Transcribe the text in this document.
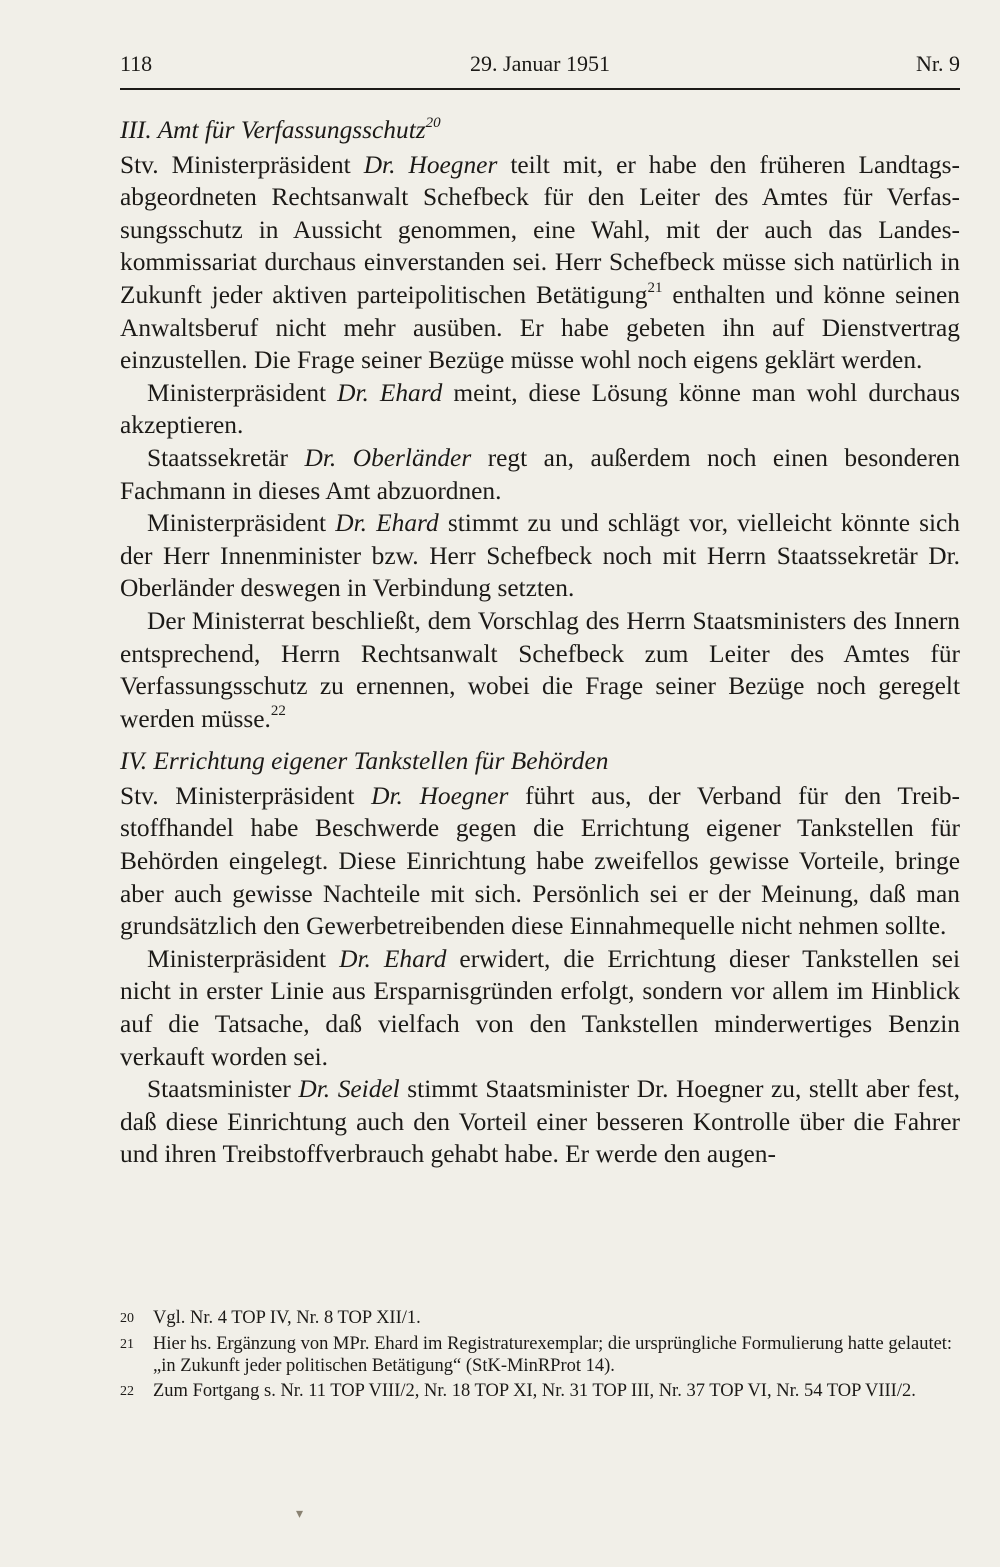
118	29. Januar 1951	Nr. 9
III. Amt für Verfassungsschutz$^{20}$

Stv. Ministerpräsident Dr. Hoegner teilt mit, er habe den früheren Landtagsabgeordneten Rechtsanwalt Schefbeck für den Leiter des Amtes für Verfassungsschutz in Aussicht genommen, eine Wahl, mit der auch das Landeskommissariat durchaus einverstanden sei. Herr Schefbeck müsse sich natürlich in Zukunft jeder aktiven parteipolitischen Betätigung$^{21}$ enthalten und könne seinen Anwaltsberuf nicht mehr ausüben. Er habe gebeten ihn auf Dienstvertrag einzustellen. Die Frage seiner Bezüge müsse wohl noch eigens geklärt werden.

Ministerpräsident Dr. Ehard meint, diese Lösung könne man wohl durchaus akzeptieren.

Staatssekretär Dr. Oberländer regt an, außerdem noch einen besonderen Fachmann in dieses Amt abzuordnen.

Ministerpräsident Dr. Ehard stimmt zu und schlägt vor, vielleicht könnte sich der Herr Innenminister bzw. Herr Schefbeck noch mit Herrn Staatssekretär Dr. Oberländer deswegen in Verbindung setzten.

Der Ministerrat beschließt, dem Vorschlag des Herrn Staatsministers des Innern entsprechend, Herrn Rechtsanwalt Schefbeck zum Leiter des Amtes für Verfassungsschutz zu ernennen, wobei die Frage seiner Bezüge noch geregelt werden müsse.$^{22}$

IV. Errichtung eigener Tankstellen für Behörden

Stv. Ministerpräsident Dr. Hoegner führt aus, der Verband für den Treibstoffhandel habe Beschwerde gegen die Errichtung eigener Tankstellen für Behörden eingelegt. Diese Einrichtung habe zweifellos gewisse Vorteile, bringe aber auch gewisse Nachteile mit sich. Persönlich sei er der Meinung, daß man grundsätzlich den Gewerbetreibenden diese Einnahmequelle nicht nehmen sollte.

Ministerpräsident Dr. Ehard erwidert, die Errichtung dieser Tankstellen sei nicht in erster Linie aus Ersparnisgründen erfolgt, sondern vor allem im Hinblick auf die Tatsache, daß vielfach von den Tankstellen minderwertiges Benzin verkauft worden sei.

Staatsminister Dr. Seidel stimmt Staatsminister Dr. Hoegner zu, stellt aber fest, daß diese Einrichtung auch den Vorteil einer besseren Kontrolle über die Fahrer und ihren Treibstoffverbrauch gehabt habe. Er werde den augen-

20	Vgl. Nr. 4 TOP IV, Nr. 8 TOP XII/1.
21	Hier hs. Ergänzung von MPr. Ehard im Registraturexemplar; die ursprüngliche Formulierung hatte gelautet: „in Zukunft jeder politischen Betätigung“ (StK-MinRProt 14).
22	Zum Fortgang s. Nr. 11 TOP VIII/2, Nr. 18 TOP XI, Nr. 31 TOP III, Nr. 37 TOP VI, Nr. 54 TOP VIII/2.
▾
